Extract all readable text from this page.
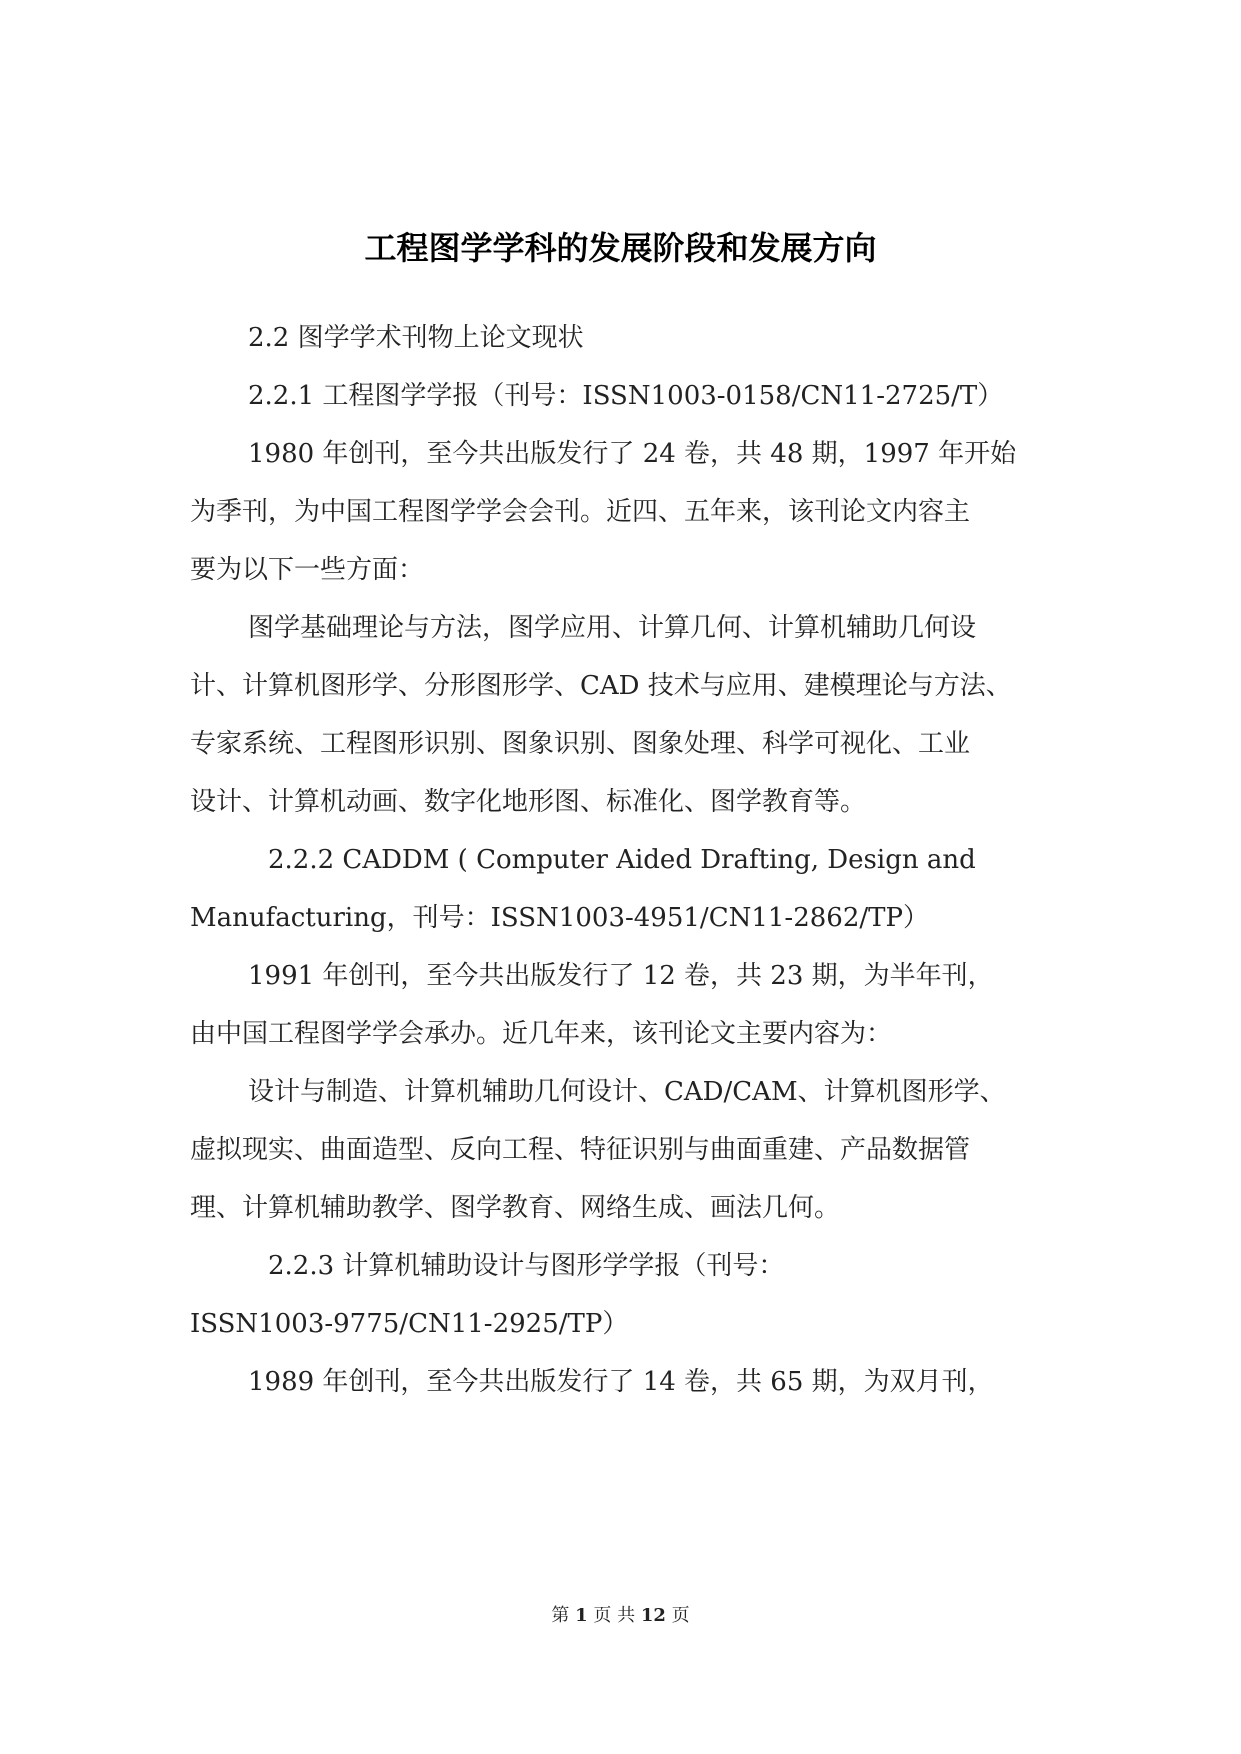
工程图学学科的发展阶段和发展方向

2.2 图学学术刊物上论文现状

2.2.1 工程图学学报（刊号：ISSN1003-0158/CN11-2725/T）

1980 年创刊，至今共出版发行了 24 卷，共 48 期，1997 年开始

为季刊，为中国工程图学学会会刊。近四、五年来，该刊论文内容主

要为以下一些方面：

图学基础理论与方法，图学应用、计算几何、计算机辅助几何设

计、计算机图形学、分形图形学、CAD 技术与应用、建模理论与方法、

专家系统、工程图形识别、图象识别、图象处理、科学可视化、工业

设计、计算机动画、数字化地形图、标准化、图学教育等。

2.2.2 CADDM ( Computer Aided Drafting, Design and

Manufacturing，刊号：ISSN1003-4951/CN11-2862/TP）

1991 年创刊，至今共出版发行了 12 卷，共 23 期，为半年刊，

由中国工程图学学会承办。近几年来，该刊论文主要内容为：

设计与制造、计算机辅助几何设计、CAD/CAM、计算机图形学、

虚拟现实、曲面造型、反向工程、特征识别与曲面重建、产品数据管

理、计算机辅助教学、图学教育、网络生成、画法几何。

2.2.3 计算机辅助设计与图形学学报（刊号：

ISSN1003-9775/CN11-2925/TP）

1989 年创刊，至今共出版发行了 14 卷，共 65 期，为双月刊，

第 1 页 共 12 页
